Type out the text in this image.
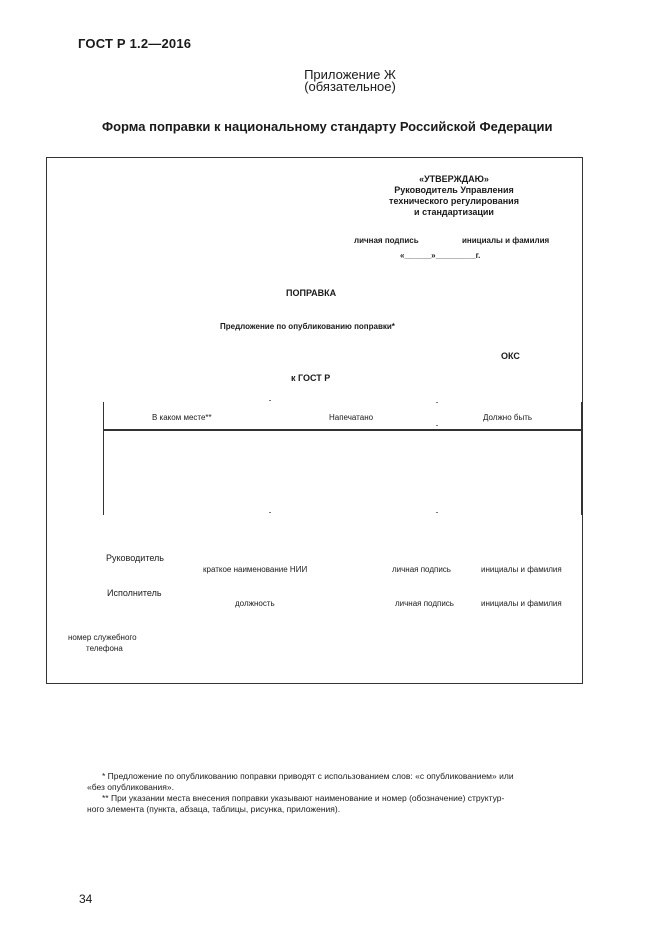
ГОСТ Р 1.2—2016
Приложение Ж
(обязательное)
Форма поправки к национальному стандарту Российской Федерации
«УТВЕРЖДАЮ»
Руководитель Управления
технического регулирования
и стандартизации
личная подпись	инициалы и фамилия
«______»_________г.
ПОПРАВКА
Предложение по опубликованию поправки*
ОКС
к ГОСТ Р
В каком месте**	Напечатано	Должно быть
Руководитель
краткое наименование НИИ	личная подпись	инициалы и фамилия
Исполнитель
должность	личная подпись	инициалы и фамилия
номер служебного
телефона
* Предложение по опубликованию поправки приводят с использованием слов: «с опубликованием» или
«без опубликования».
** При указании места внесения поправки указывают наименование и номер (обозначение) структур-
ного элемента (пункта, абзаца, таблицы, рисунка, приложения).
34
